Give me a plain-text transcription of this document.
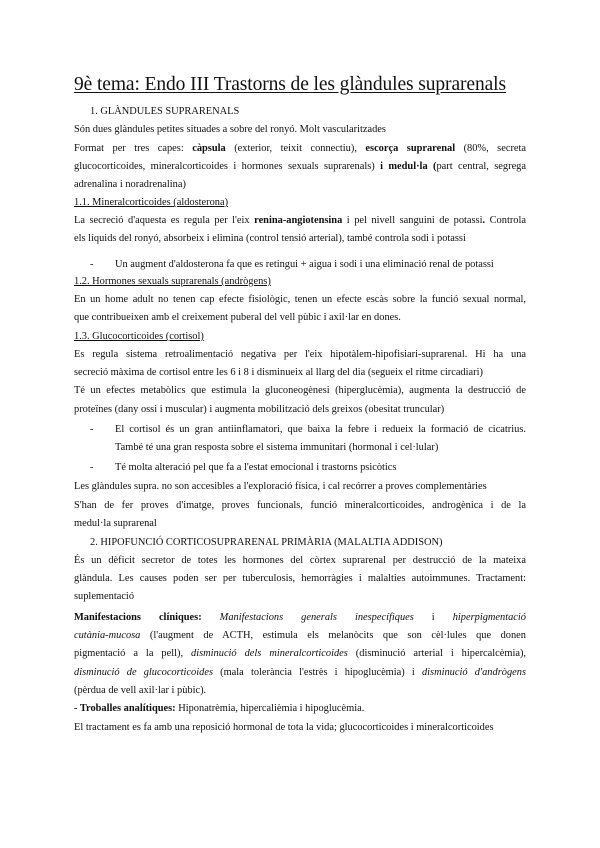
9è tema: Endo III Trastorns de les glàndules suprarenals
1. GLÀNDULES SUPRARENALS
Són dues glàndules petites situades a sobre del ronyó. Molt vascularitzades
Format per tres capes: càpsula (exterior, teixit connectiu), escorça suprarenal (80%, secreta
glucocorticoides, mineralcorticoides i hormones sexuals suprarenals) i medul·la (part central, segrega
adrenalina i noradrenalina)
1.1. Mineralcorticoides (aldosterona)
La secreció d'aquesta es regula per l'eix renina-angiotensina i pel nivell sanguini de potassi. Controla
els líquids del ronyó, absorbeix i elimina (control tensió arterial), també controla sodi i potassi
- Un augment d'aldosterona fa que es retingui + aigua i sodi i una eliminació renal de potassi
1.2. Hormones sexuals suprarenals (andrògens)
En un home adult no tenen cap efecte fisiològic, tenen un efecte escàs sobre la funció sexual normal,
que contribueixen amb el creixement puberal del vell pùbic i axil·lar en dones.
1.3. Glucocorticoides (cortisol)
Es regula sistema retroalimentació negativa per l'eix hipotàlem-hipofisiari-suprarenal. Hi ha una
secreció màxima de cortisol entre les 6 i 8 i disminueix al llarg del dia (segueix el ritme circadiari)
Té un efectes metabòlics que estimula la gluconeogènesi (hiperglucèmia), augmenta la destrucció de
proteïnes (dany ossi i muscular) i augmenta mobilització dels greixos (obesitat truncular)
- El cortisol és un gran antiinflamatori, que baixa la febre i redueix la formació de cicatrius.
També té una gran resposta sobre el sistema immunitari (hormonal i cel·lular)
- Té molta alteració pel que fa a l'estat emocional i trastorns psicòtics
Les glàndules supra. no son accesibles a l'exploració física, i cal recórrer a proves complementàries
S'han de fer proves d'imatge, proves funcionals, funció mineralcorticoides, androgènica i de la
medul·la suprarenal
2. HIPOFUNCIÓ CORTICOSUPRARENAL PRIMÀRIA (MALALTIA ADDISON)
És un dèficit secretor de totes les hormones del còrtex suprarenal per destrucció de la mateixa
glàndula. Les causes poden ser per tuberculosis, hemorràgies i malalties autoimmunes. Tractament:
suplementació
Manifestacions clíniques: Manifestacions generals inespecífiques i hiperpigmentació
cutània-mucosa (l'augment de ACTH, estimula els melanòcits que son cèl·lules que donen
pigmentació a la pell), disminució dels mineralcorticoides (disminució arterial i hipercalcèmia),
disminució de glucocorticoides (mala tolerància l'estrès i hipoglucèmia) i disminució d'andrògens
(pèrdua de vell axil·lar i pùbic).
- Troballes analítiques: Hiponatrèmia, hipercalièmia i hipoglucèmia.
El tractament es fa amb una reposició hormonal de tota la vida; glucocorticoides i mineralcorticoides
